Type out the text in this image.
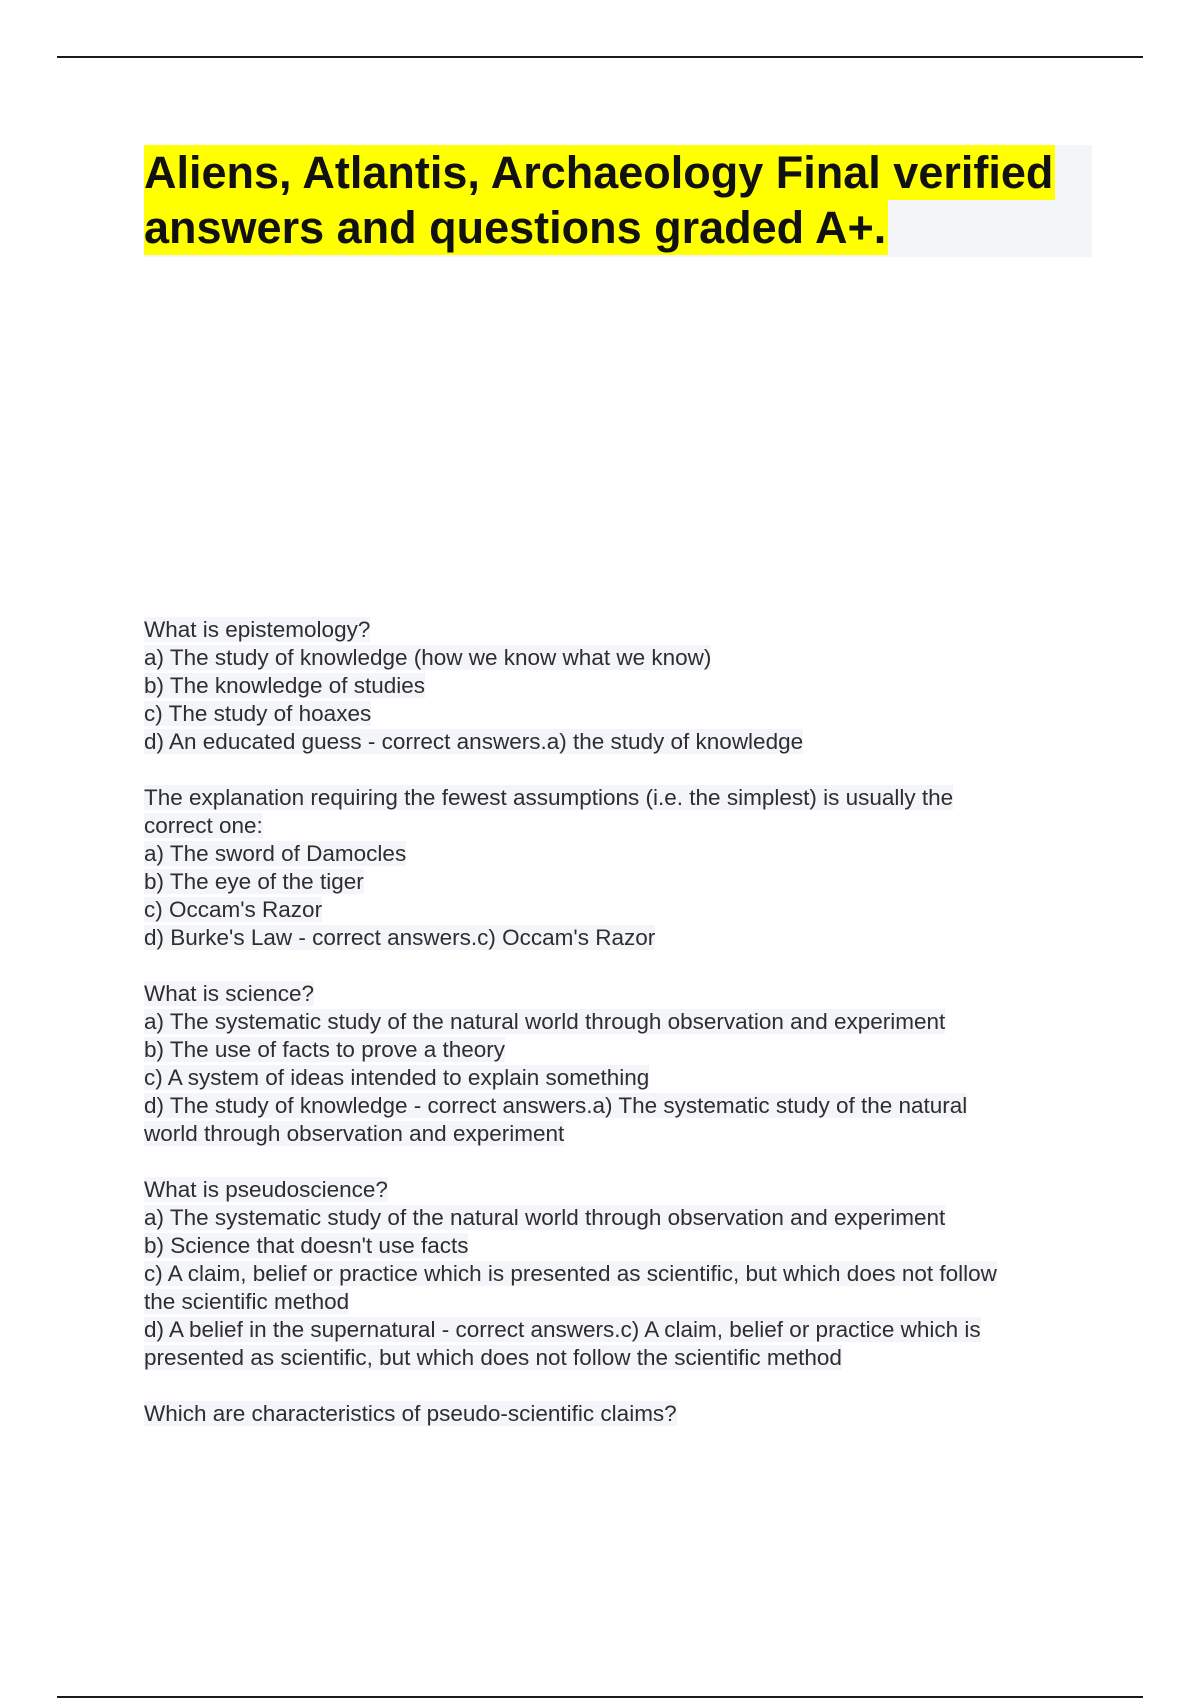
Aliens, Atlantis, Archaeology Final verified
answers and questions graded A+.

What is epistemology?

a) The study of knowledge (how we know what we know)

b) The knowledge of studies

c) The study of hoaxes

d) An educated guess - correct answers.a) the study of knowledge

The explanation requiring the fewest assumptions (i.e. the simplest) is usually the

correct one:

a) The sword of Damocles

b) The eye of the tiger

c) Occam's Razor

d) Burke's Law - correct answers.c) Occam's Razor

What is science?

a) The systematic study of the natural world through observation and experiment

b) The use of facts to prove a theory

c) A system of ideas intended to explain something

d) The study of knowledge - correct answers.a) The systematic study of the natural

world through observation and experiment

What is pseudoscience?

a) The systematic study of the natural world through observation and experiment

b) Science that doesn't use facts

c) A claim, belief or practice which is presented as scientific, but which does not follow

the scientific method

d) A belief in the supernatural - correct answers.c) A claim, belief or practice which is

presented as scientific, but which does not follow the scientific method

Which are characteristics of pseudo-scientific claims?
